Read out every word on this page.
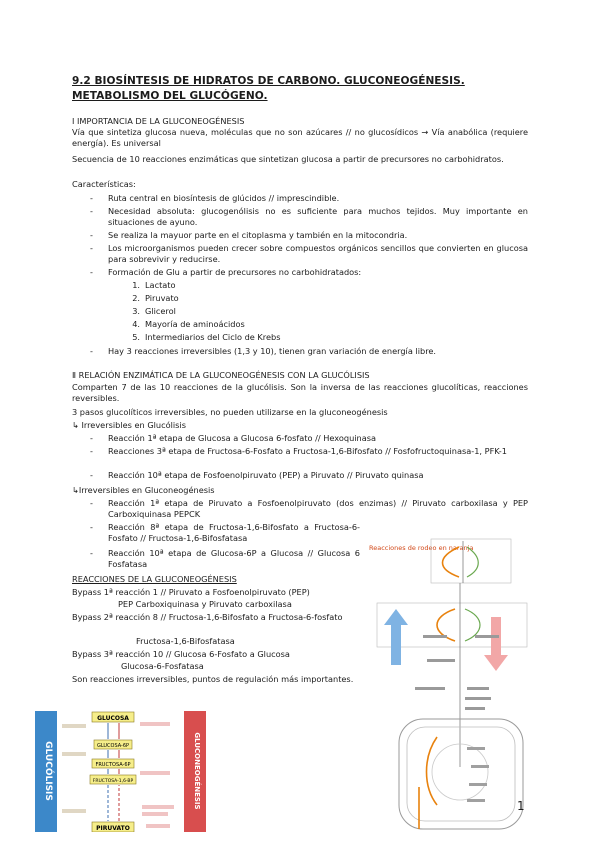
9.2 BIOSÍNTESIS DE HIDRATOS DE CARBONO. GLUCONEOGÉNESIS. METABOLISMO DEL GLUCÓGENO.
Ⅰ IMPORTANCIA DE LA GLUCONEOGÉNESIS
Vía que sintetiza glucosa nueva, moléculas que no son azúcares // no glucosídicos → Vía anabólica (requiere energía). Es universal
Secuencia de 10 reacciones enzimáticas que sintetizan glucosa a partir de precursores no carbohidratos.
Características:
- Ruta central en biosíntesis de glúcidos // imprescindible.
- Necesidad absoluta: glucogenólisis no es suficiente para muchos tejidos. Muy importante en situaciones de ayuno.
- Se realiza la mayuor parte en el citoplasma y también en la mitocondria.
- Los microorganismos pueden crecer sobre compuestos orgánicos sencillos que convierten en glucosa para sobrevivir y reducirse.
- Formación de Glu a partir de precursores no carbohidratados:
1. Lactato
2. Piruvato
3. Glicerol
4. Mayoría de aminoácidos
5. Intermediarios del Ciclo de Krebs
- Hay 3 reacciones irreversibles (1,3 y 10), tienen gran variación de energía libre.
Ⅱ RELACIÓN ENZIMÁTICA DE LA GLUCONEOGÉNESIS CON LA GLUCÓLISIS
Comparten 7 de las 10 reacciones de la glucólisis. Son la inversa de las reacciones glucolíticas, reacciones reversibles.
3 pasos glucolíticos irreversibles, no pueden utilizarse en la gluconeogénesis
↳ Irreversibles en Glucólisis
- Reacción 1ª etapa de Glucosa a Glucosa 6-fosfato // Hexoquinasa
- Reacciones 3ª etapa de Fructosa-6-Fosfato a Fructosa-1,6-Bifosfato // Fosfofructoquinasa-1, PFK-1
- Reacción 10ª etapa de Fosfoenolpiruvato (PEP) a Piruvato // Piruvato quinasa
↳Irreversibles en Gluconeogénesis
- Reacción 1ª etapa de Piruvato a Fosfoenolpiruvato (dos enzimas) // Piruvato carboxilasa y PEP Carboxiquinasa PEPCK
- Reacción 8ª etapa de Fructosa-1,6-Bifosfato a Fructosa-6-Fosfato // Fructosa-1,6-Bifosfatasa
- Reacción 10ª etapa de Glucosa-6P a Glucosa // Glucosa 6 Fosfatasa
REACCIONES DE LA GLUCONEOGÉNESIS
Bypass 1ª reacción 1 // Piruvato a Fosfoenolpiruvato (PEP)
PEP Carboxiquinasa y Piruvato carboxilasa
Bypass 2ª reacción 8 // Fructosa-1,6-Bifosfato a Fructosa-6-fosfato
Fructosa-1,6-Bifosfatasa
Bypass 3ª reacción 10 // Glucosa 6-Fosfato a Glucosa
Glucosa-6-Fosfatasa
Son reacciones irreversibles, puntos de regulación más importantes.
GLUCÓLISIS	GLUCONEOGÉNESIS
GLUCOSA
GLUCOSA-6P
FRUCTOSA-6P
FRUCTOSA-1,6-BP
PIRUVATO
Reacciones de rodeo en naranja
1
